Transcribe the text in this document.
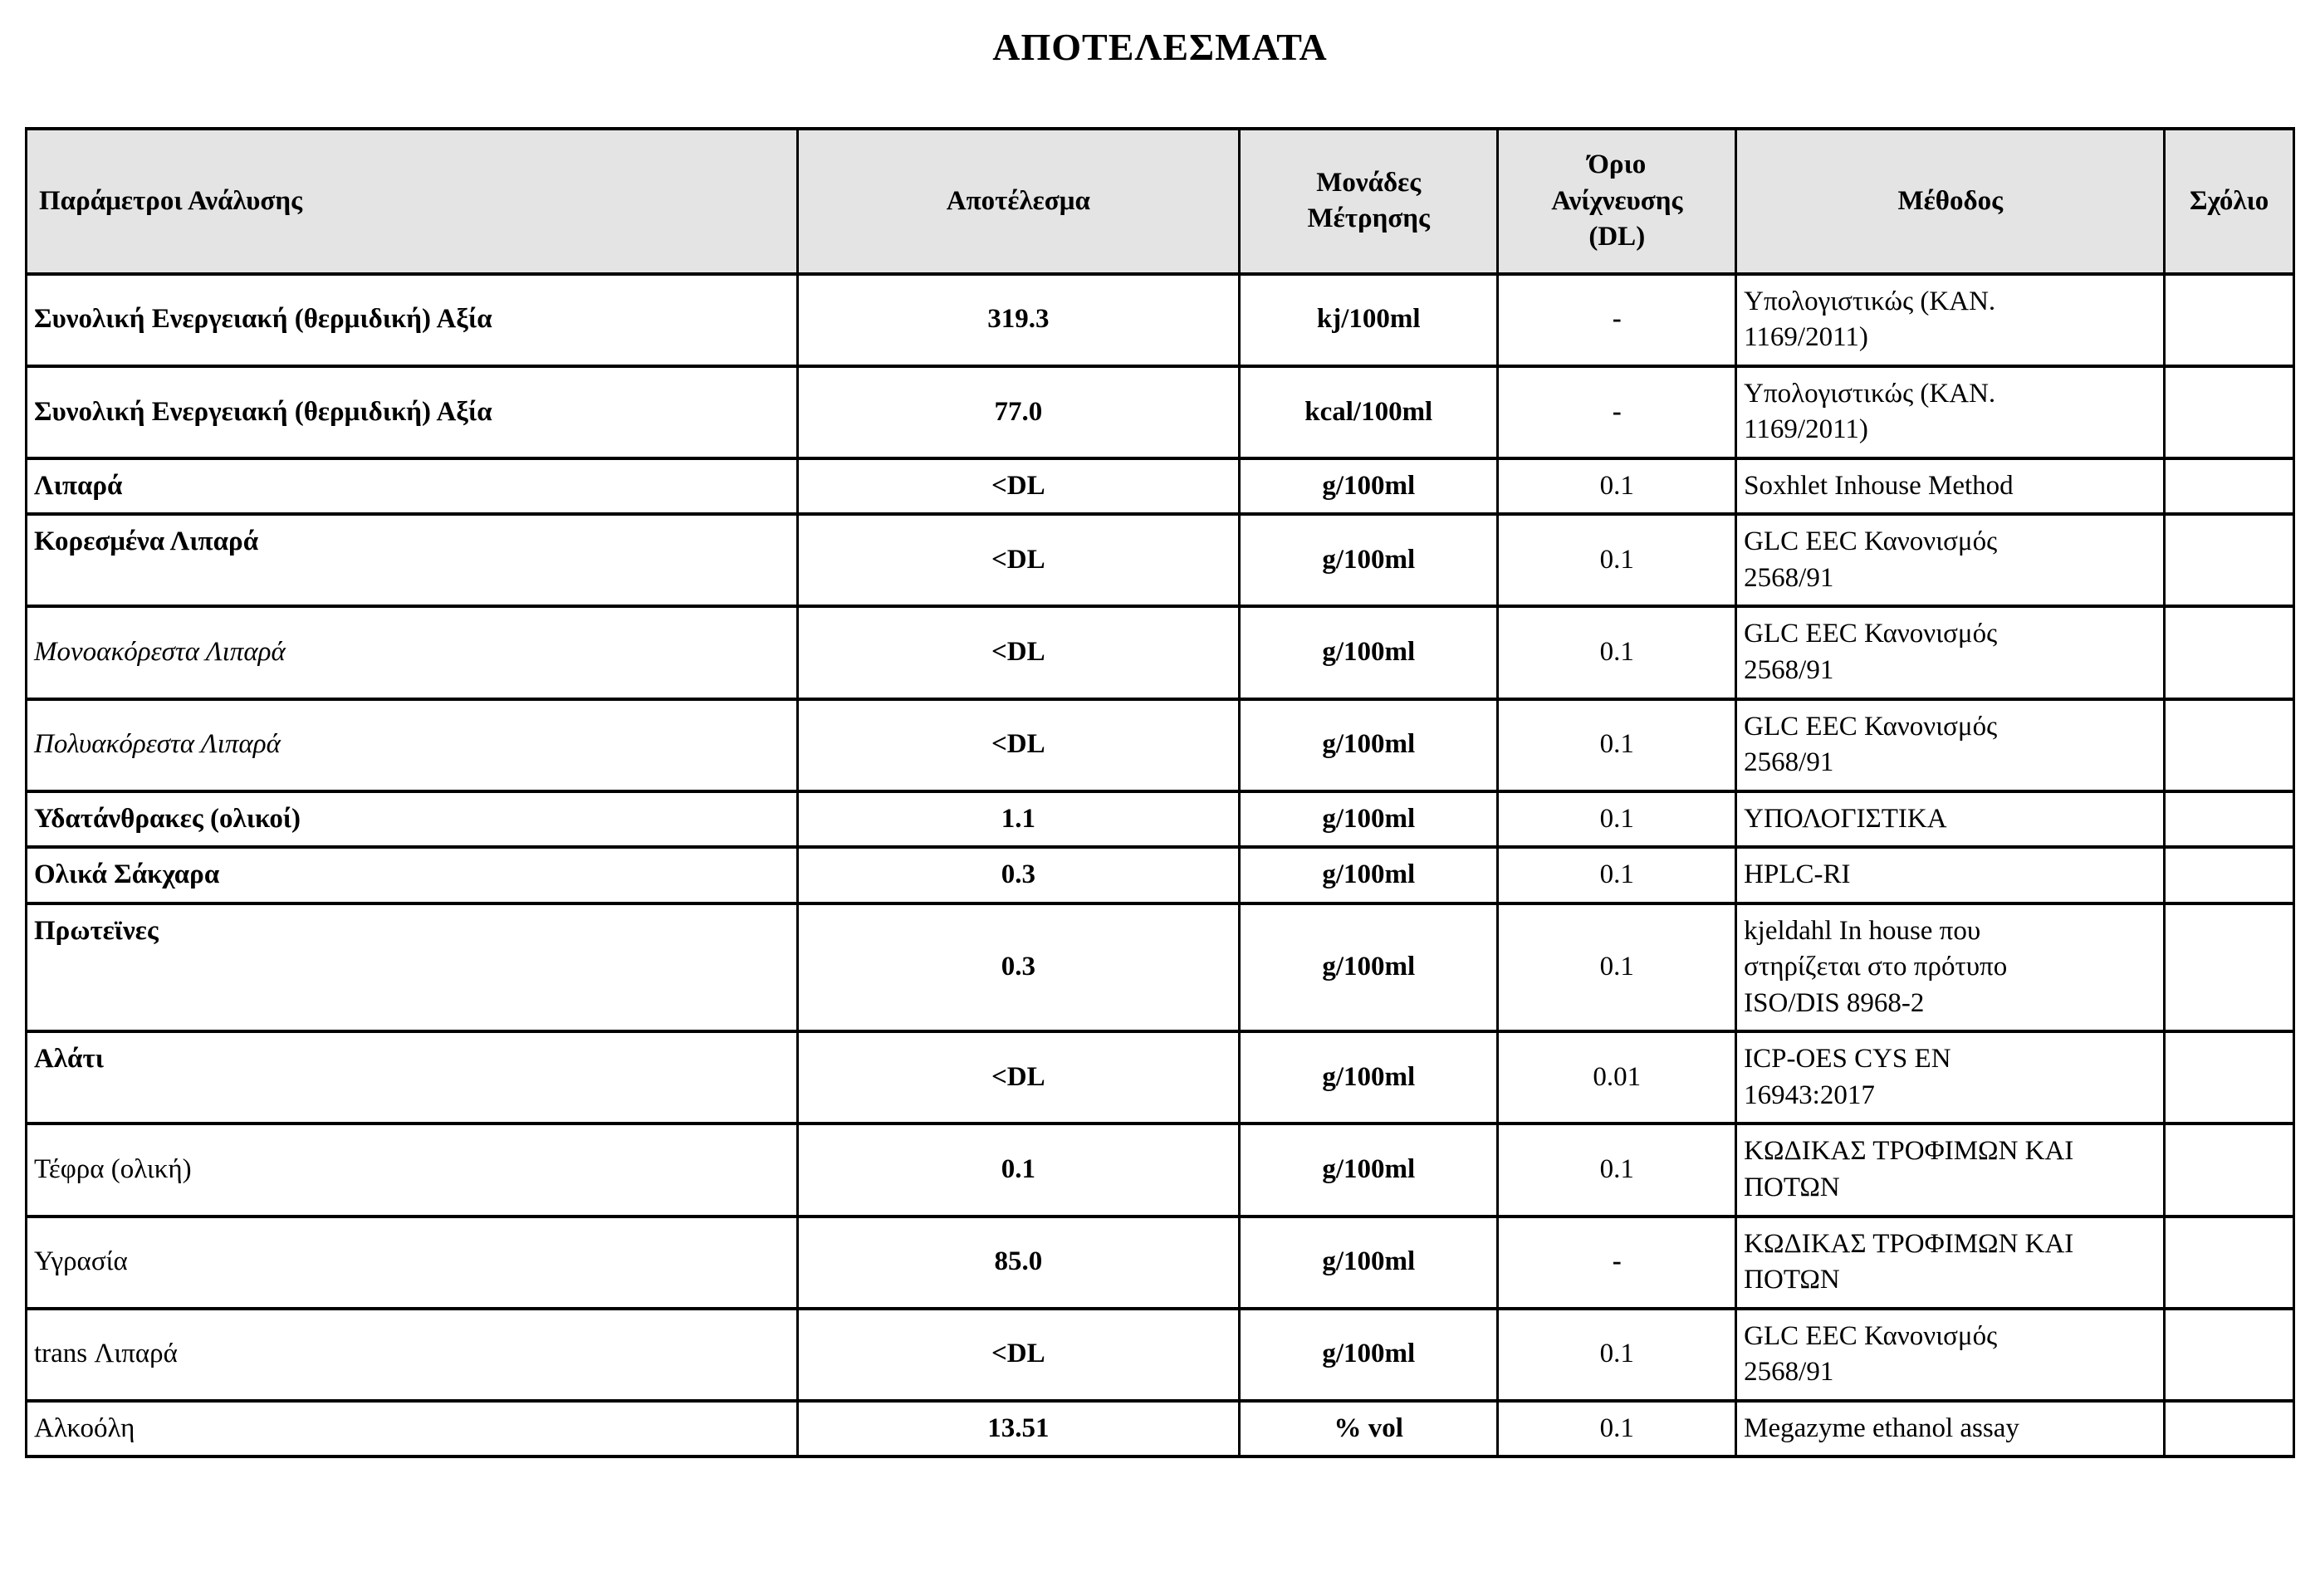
ΑΠΟΤΕΛΕΣΜΑΤΑ
Παράμετροι Ανάλυσης	Αποτέλεσμα	Μονάδες Μέτρησης	Όριο Ανίχνευσης (DL)	Μέθοδος	Σχόλιο
Συνολική Ενεργειακή (θερμιδική) Αξία	319.3	kj/100ml	-	Υπολογιστικώς (ΚΑΝ. 1169/2011)	
Συνολική Ενεργειακή (θερμιδική) Αξία	77.0	kcal/100ml	-	Υπολογιστικώς (ΚΑΝ. 1169/2011)	
Λιπαρά	<DL	g/100ml	0.1	Soxhlet Inhouse Method	
Κορεσμένα Λιπαρά	<DL	g/100ml	0.1	GLC EEC Κανονισμός 2568/91	
Μονοακόρεστα Λιπαρά	<DL	g/100ml	0.1	GLC EEC Κανονισμός 2568/91	
Πολυακόρεστα Λιπαρά	<DL	g/100ml	0.1	GLC EEC Κανονισμός 2568/91	
Υδατάνθρακες (ολικοί)	1.1	g/100ml	0.1	ΥΠΟΛΟΓΙΣΤΙΚΑ	
Ολικά Σάκχαρα	0.3	g/100ml	0.1	HPLC-RI	
Πρωτεϊνες	0.3	g/100ml	0.1	kjeldahl In house που στηρίζεται στο πρότυπο ISO/DIS 8968-2	
Αλάτι	<DL	g/100ml	0.01	ICP-OES CYS EN 16943:2017	
Τέφρα (ολική)	0.1	g/100ml	0.1	ΚΩΔΙΚΑΣ ΤΡΟΦΙΜΩΝ ΚΑΙ ΠΟΤΩΝ	
Υγρασία	85.0	g/100ml	-	ΚΩΔΙΚΑΣ ΤΡΟΦΙΜΩΝ ΚΑΙ ΠΟΤΩΝ	
trans Λιπαρά	<DL	g/100ml	0.1	GLC EEC Κανονισμός 2568/91	
Αλκοόλη	13.51	% vol	0.1	Megazyme ethanol assay	
